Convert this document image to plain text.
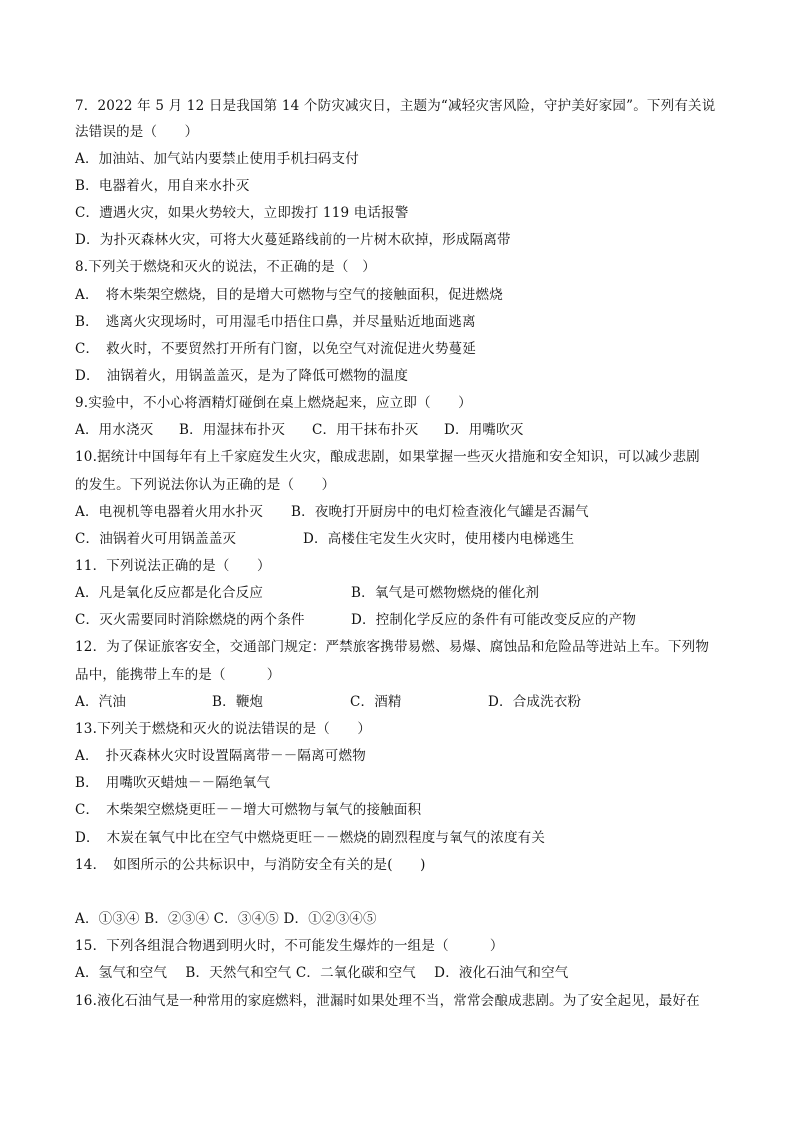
7．2022 年 5 月 12 日是我国第 14 个防灾减灾日，主题为“减轻灾害风险，守护美好家园”。下列有关说
法错误的是（　　）
A．加油站、加气站内要禁止使用手机扫码支付
B．电器着火，用自来水扑灭
C．遭遇火灾，如果火势较大，立即拨打 119 电话报警
D．为扑灭森林火灾，可将大火蔓延路线前的一片树木砍掉，形成隔离带
8.下列关于燃烧和灭火的说法，不正确的是（　）
A．　将木柴架空燃烧，目的是增大可燃物与空气的接触面积，促进燃烧
B．　逃离火灾现场时，可用湿毛巾捂住口鼻，并尽量贴近地面逃离
C．　救火时，不要贸然打开所有门窗，以免空气对流促进火势蔓延
D．　油锅着火，用锅盖盖灭，是为了降低可燃物的温度
9.实验中，不小心将酒精灯碰倒在桌上燃烧起来，应立即（　　）
A．用水浇灭 B．用湿抹布扑灭 C．用干抹布扑灭 D．用嘴吹灭
10.据统计中国每年有上千家庭发生火灾，酿成悲剧，如果掌握一些灭火措施和安全知识，可以减少悲剧
的发生。下列说法你认为正确的是（　　）
A．电视机等电器着火用水扑灭 B．夜晚打开厨房中的电灯检查液化气罐是否漏气
C．油锅着火可用锅盖盖灭	D．高楼住宅发生火灾时，使用楼内电梯逃生
11．下列说法正确的是（　　）
A．凡是氧化反应都是化合反应	B．氧气是可燃物燃烧的催化剂
C．灭火需要同时消除燃烧的两个条件	D．控制化学反应的条件有可能改变反应的产物
12．为了保证旅客安全，交通部门规定：严禁旅客携带易燃、易爆、腐蚀品和危险品等进站上车。下列物
品中，能携带上车的是（　　　）
A．汽油	B．鞭炮	C．酒精	D．合成洗衣粉
13.下列关于燃烧和灭火的说法错误的是（　　）
A．　扑灭森林火灾时设置隔离带－－隔离可燃物
B．　用嘴吹灭蜡烛－－隔绝氧气
C．　木柴架空燃烧更旺－－增大可燃物与氧气的接触面积
D．　木炭在氧气中比在空气中燃烧更旺－－燃烧的剧烈程度与氧气的浓度有关
14．　如图所示的公共标识中，与消防安全有关的是(　　)
A．①③④ B．②③④ C．③④⑤ D．①②③④⑤
15．下列各组混合物遇到明火时，不可能发生爆炸的一组是（　　　）
A．氢气和空气　 B．天然气和空气 C．二氧化碳和空气　 D．液化石油气和空气
16.液化石油气是一种常用的家庭燃料，泄漏时如果处理不当，常常会酿成悲剧。为了安全起见，最好在
